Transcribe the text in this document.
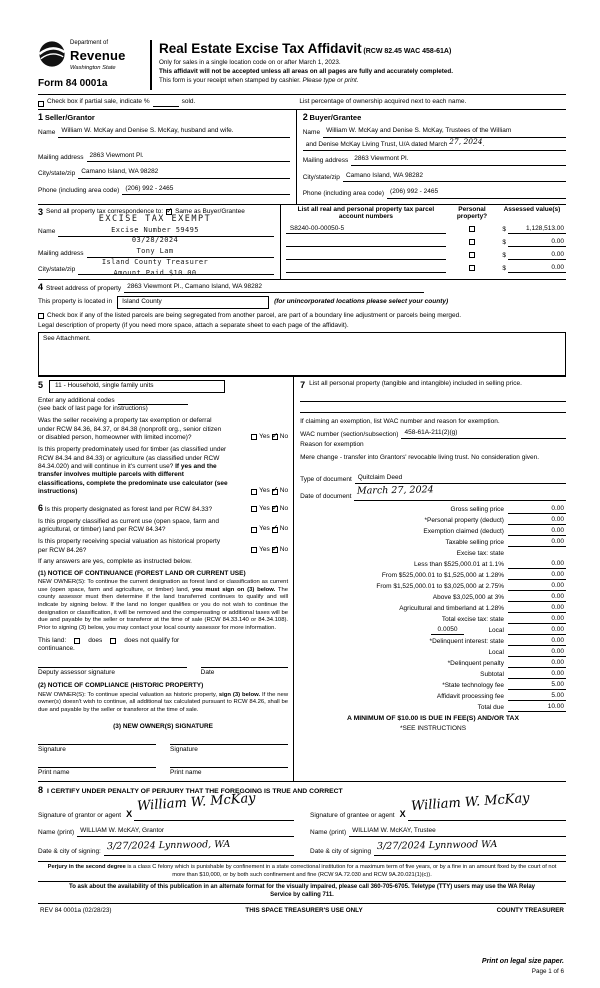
Department of
Revenue
Washington State
Form 84 0001a
Real Estate Excise Tax Affidavit (RCW 82.45 WAC 458-61A)
Only for sales in a single location code on or after March 1, 2023.
This affidavit will not be accepted unless all areas on all pages are fully and accurately completed.
This form is your receipt when stamped by cashier. Please type or print.
Check box if partial sale, indicate %	sold.	List percentage of ownership acquired next to each name.
1 Seller/Grantor
Name William W. McKay and Denise S. McKay, husband and wife.
Mailing address 2863 Viewmont Pl.
City/state/zip Camano Island, WA 98282
Phone (including area code) (206) 992 - 2465
2 Buyer/Grantee
Name William W. McKay and Denise S. McKay, Trustees of the William
and Denise McKay Living Trust, U/A dated March 27, 2024.
Mailing address 2863 Viewmont Pl.
City/state/zip Camano Island, WA 98282
Phone (including area code) (206) 992 - 2465
3 Send all property tax correspondence to: ✓ Same as Buyer/Grantee
Name
Mailing address
City/state/zip
EXCISE TAX EXEMPT
Excise Number 59495
03/28/2024
Tony Lam
Island County Treasurer
Amount Paid $10.00
List all real and personal property tax parcel account numbers
Personal property?
Assessed value(s)
S8240-00-00050-5	$	1,128,513.00
$	0.00
$	0.00
$	0.00
4 Street address of property 2863 Viewmont Pl., Camano Island, WA 98282
This property is located in	Island County	(for unincorporated locations please select your county)
Check box if any of the listed parcels are being segregated from another parcel, are part of a boundary line adjustment or parcels being merged.
Legal description of property (if you need more space, attach a separate sheet to each page of the affidavit).
See Attachment.
5	11 - Household, single family units
Enter any additional codes
(see back of last page for instructions)
Was the seller receiving a property tax exemption or deferral under RCW 84.36, 84.37, or 84.38 (nonprofit org., senior citizen or disabled person, homeowner with limited income)?	Yes ✓ No
Is this property predominately used for timber (as classified under RCW 84.34 and 84.33) or agriculture (as classified under RCW 84.34.020) and will continue in it's current use? If yes and the transfer involves multiple parcels with different classifications, complete the predominate use calculator (see instructions)	Yes ✓ No
6 Is this property designated as forest land per RCW 84.33?	Yes ✓ No
Is this property classified as current use (open space, farm and agricultural, or timber) land per RCW 84.34?	Yes ✓ No
Is this property receiving special valuation as historical property per RCW 84.26?	Yes ✓ No
If any answers are yes, complete as instructed below.
(1) NOTICE OF CONTINUANCE (FOREST LAND OR CURRENT USE)
NEW OWNER(S): To continue the current designation as forest land or classification as current use (open space, farm and agriculture, or timber) land, you must sign on (3) below. The county assessor must then determine if the land transferred continues to qualify and will indicate by signing below. If the land no longer qualifies or you do not wish to continue the designation or classification, it will be removed and the compensating or additional taxes will be due and payable by the seller or transferor at the time of sale (RCW 84.33.140 or 84.34.108). Prior to signing (3) below, you may contact your local county assessor for more information.
This land:	does	does not qualify for
continuance.
Deputy assessor signature	Date
(2) NOTICE OF COMPLIANCE (HISTORIC PROPERTY)
NEW OWNER(S): To continue special valuation as historic property, sign (3) below. If the new owner(s) doesn't wish to continue, all additional tax calculated pursuant to RCW 84.26, shall be due and payable by the seller or transferor at the time of sale.
(3) NEW OWNER(S) SIGNATURE
Signature	Signature
Print name	Print name
7 List all personal property (tangible and intangible) included in selling price.
If claiming an exemption, list WAC number and reason for exemption.
WAC number (section/subsection) 458-61A-211(2)(g)
Reason for exemption
Mere change - transfer into Grantors' revocable living trust. No consideration given.
Type of document Quitclaim Deed
Date of document March 27, 2024
Gross selling price	0.00
*Personal property (deduct)	0.00
Exemption claimed (deduct)	0.00
Taxable selling price	0.00
Excise tax: state
Less than $525,000.01 at 1.1%	0.00
From $525,000.01 to $1,525,000 at 1.28%	0.00
From $1,525,000.01 to $3,025,000 at 2.75%	0.00
Above $3,025,000 at 3%	0.00
Agricultural and timberland at 1.28%	0.00
Total excise tax: state	0.00
0.0050	Local	0.00
*Delinquent interest: state	0.00
Local	0.00
*Delinquent penalty	0.00
Subtotal	0.00
*State technology fee	5.00
Affidavit processing fee	5.00
Total due	10.00
A MINIMUM OF $10.00 IS DUE IN FEE(S) AND/OR TAX
*SEE INSTRUCTIONS
8 I CERTIFY UNDER PENALTY OF PERJURY THAT THE FOREGOING IS TRUE AND CORRECT
Signature of grantor or agent X
William W. McKay
Name (print) WILLIAM W. McKAY, Grantor
Date & city of signing: 3/27/2024 Lynnwood, WA
Signature of grantee or agent X
William W. McKay
Name (print) WILLIAM W. McKAY, Trustee
Date & city of signing 3/27/2024 Lynnwood WA
Perjury in the second degree is a class C felony which is punishable by confinement in a state correctional institution for a maximum term of five years, or by a fine in an amount fixed by the court of not more than $10,000, or by both such confinement and fine (RCW 9A.72.030 and RCW 9A.20.021(1)(c)).
To ask about the availability of this publication in an alternate format for the visually impaired, please call 360-705-6705. Teletype (TTY) users may use the WA Relay Service by calling 711.
REV 84 0001a (02/28/23)	THIS SPACE TREASURER'S USE ONLY	COUNTY TREASURER
Print on legal size paper.
Page 1 of 6
